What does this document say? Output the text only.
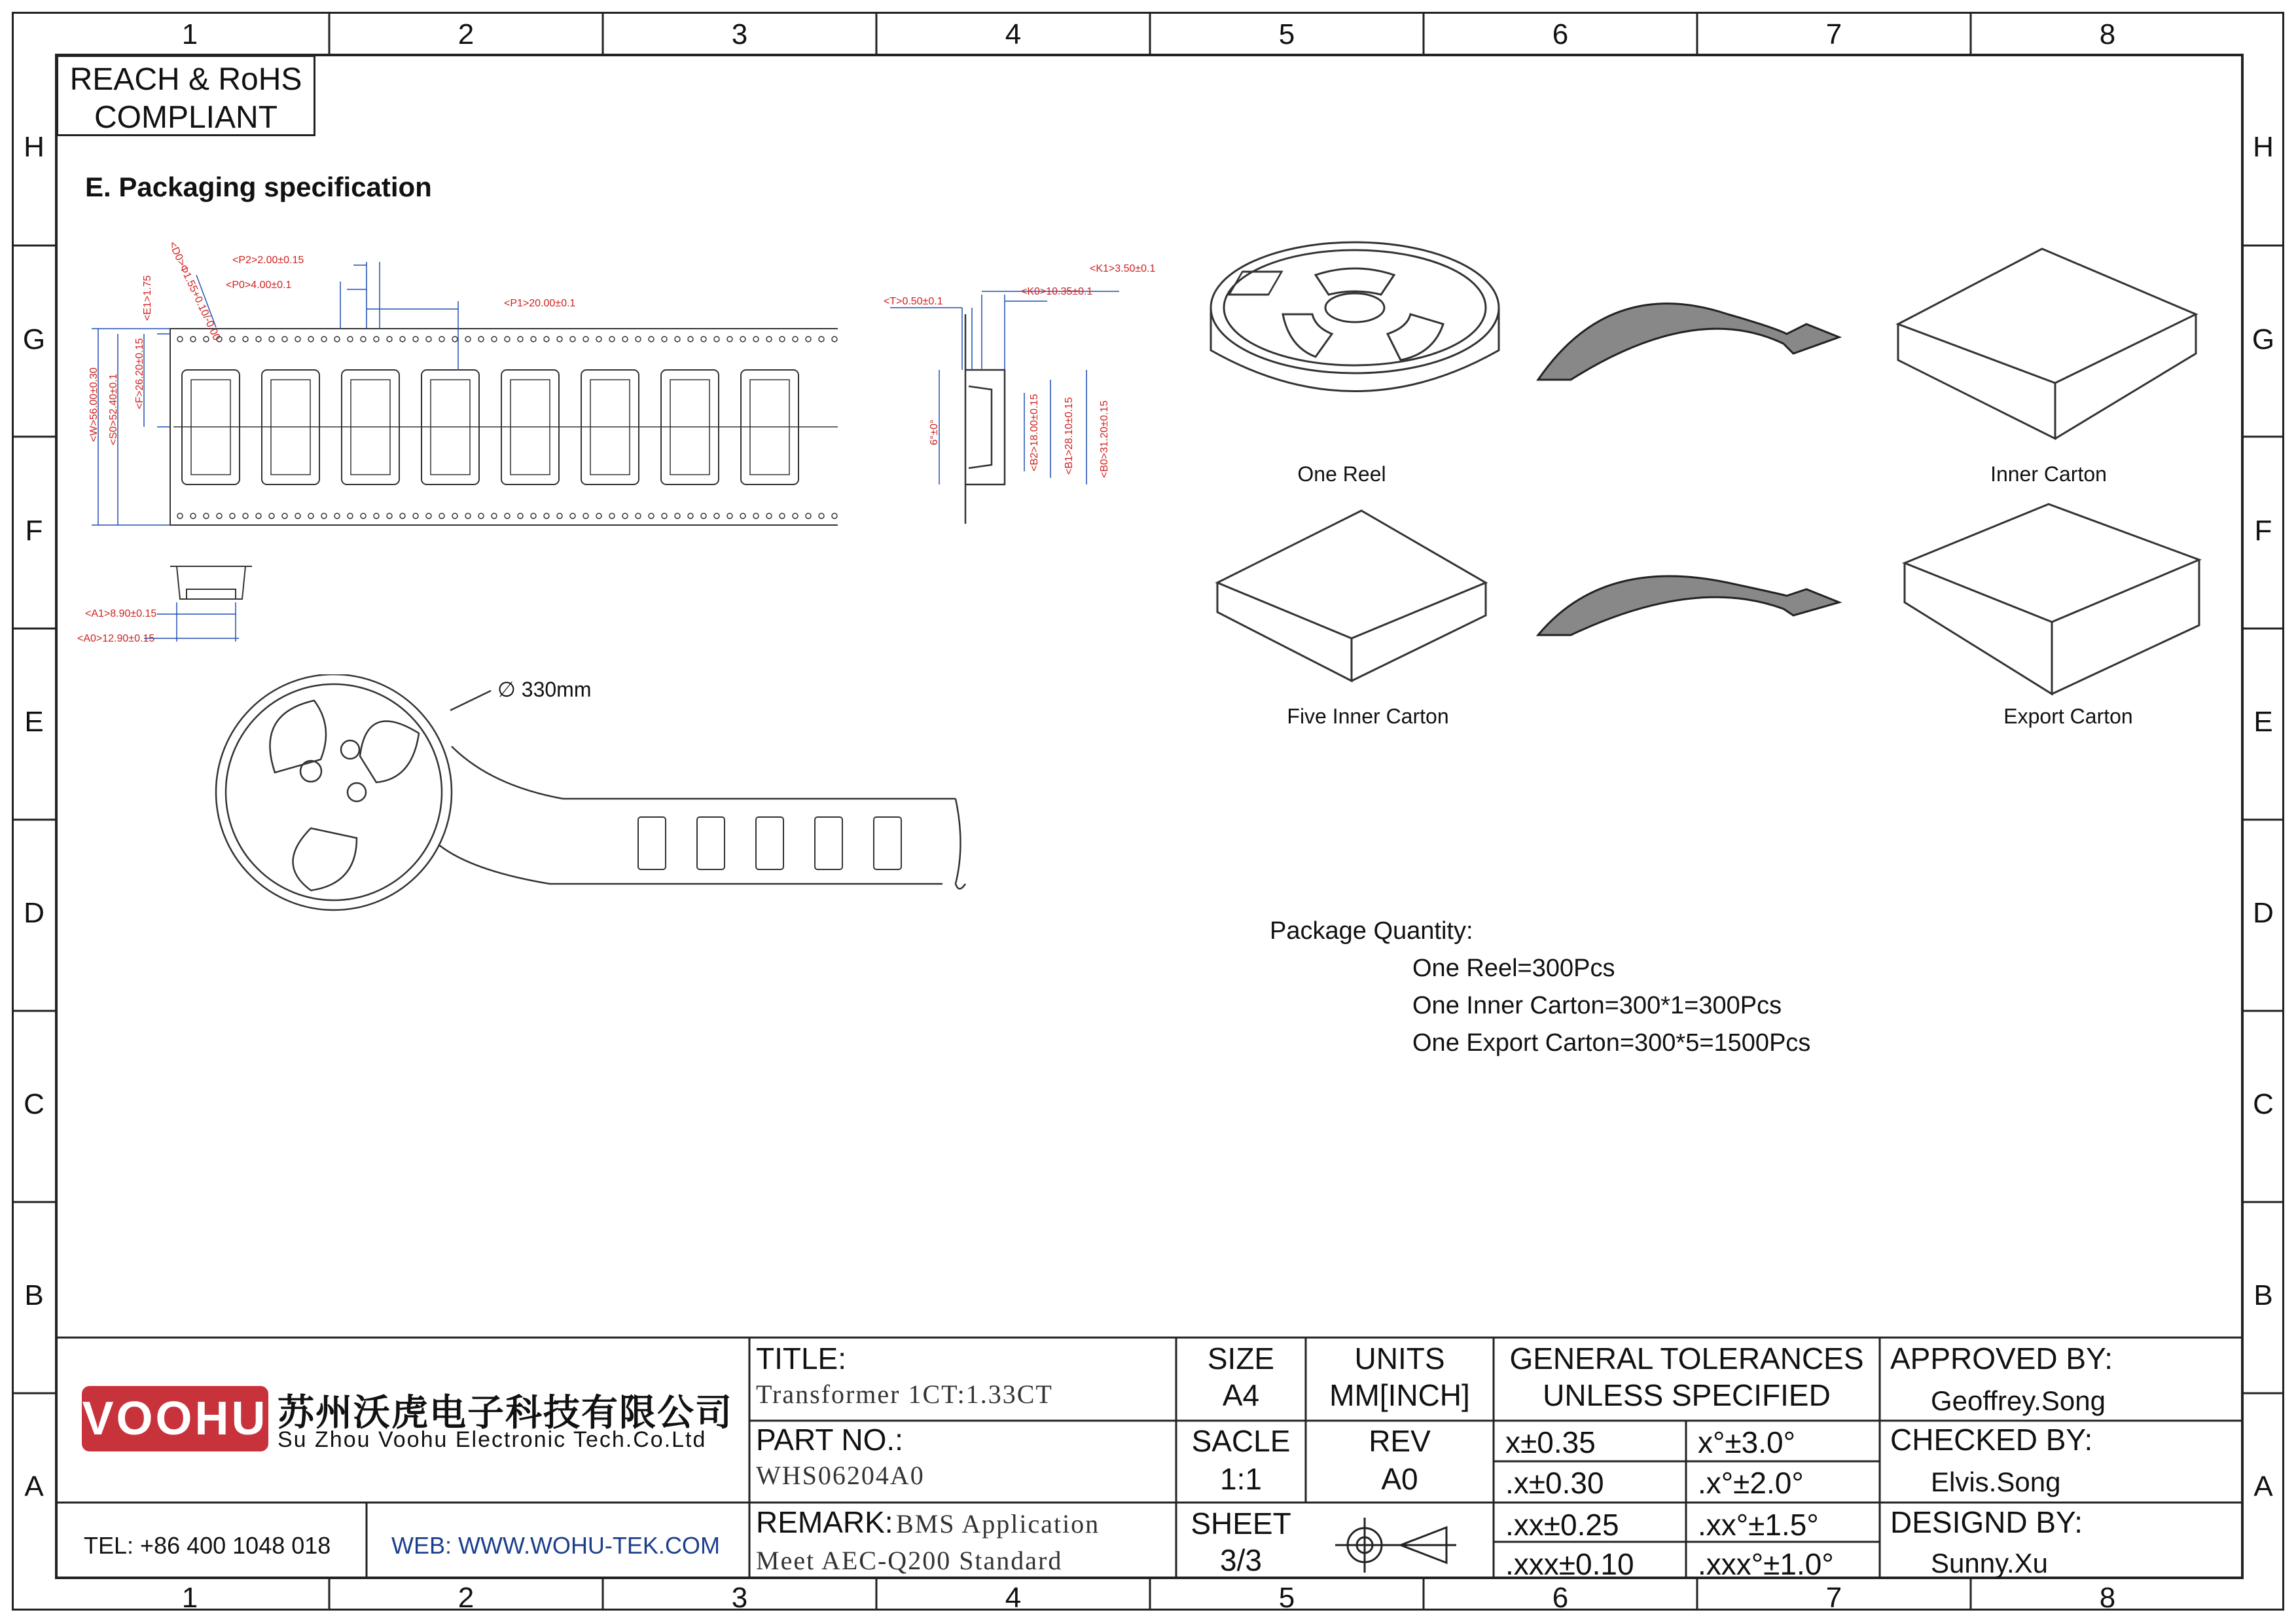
1	2	3	4	5	6	7	8
1	2	3	4	5	6	7	8
H
G
F
E
D
C
B
A
H
G
F
E
D
C
B
A
REACH & RoHS
COMPLIANT
E. Packaging specification
<P2>2.00±0.15
<P0>4.00±0.1
<P1>20.00±0.1
<E1>1.75 <D0>Φ1.55+0.10/-0.00
<F>26.20±0.15
<W>56.00±0.30 <S0>52.40±0.1
<A1>8.90±0.15
<A0>12.90±0.15
<K1>3.50±0.1
<K0>10.35±0.1
<T>0.50±0.1
6°±0°	<B2>18.00±0.15 <B1>28.10±0.15 <B0>31.20±0.15
∅ 330mm
One Reel	Inner Carton
Five Inner Carton	Export Carton
Package Quantity:
One Reel=300Pcs
One Inner Carton=300*1=300Pcs
One Export Carton=300*5=1500Pcs
VOOHU 苏州沃虎电子科技有限公司
Su Zhou Voohu Electronic Tech.Co.Ltd
TEL: +86 400 1048 018	WEB: WWW.WOHU-TEK.COM
TITLE:
Transformer 1CT:1.33CT
PART NO.:
WHS06204A0
REMARK: BMS Application
Meet AEC-Q200 Standard
SIZE
A4
UNITS
MM[INCH]
SACLE
1:1
REV
A0
SHEET
3/3
GENERAL TOLERANCES
UNLESS SPECIFIED
x±0.35	x°±3.0°
.x±0.30	.x°±2.0°
.xx±0.25	.xx°±1.5°
.xxx±0.10 .xxx°±1.0°
APPROVED BY:
Geoffrey.Song
CHECKED BY:
Elvis.Song
DESIGND BY:
Sunny.Xu
